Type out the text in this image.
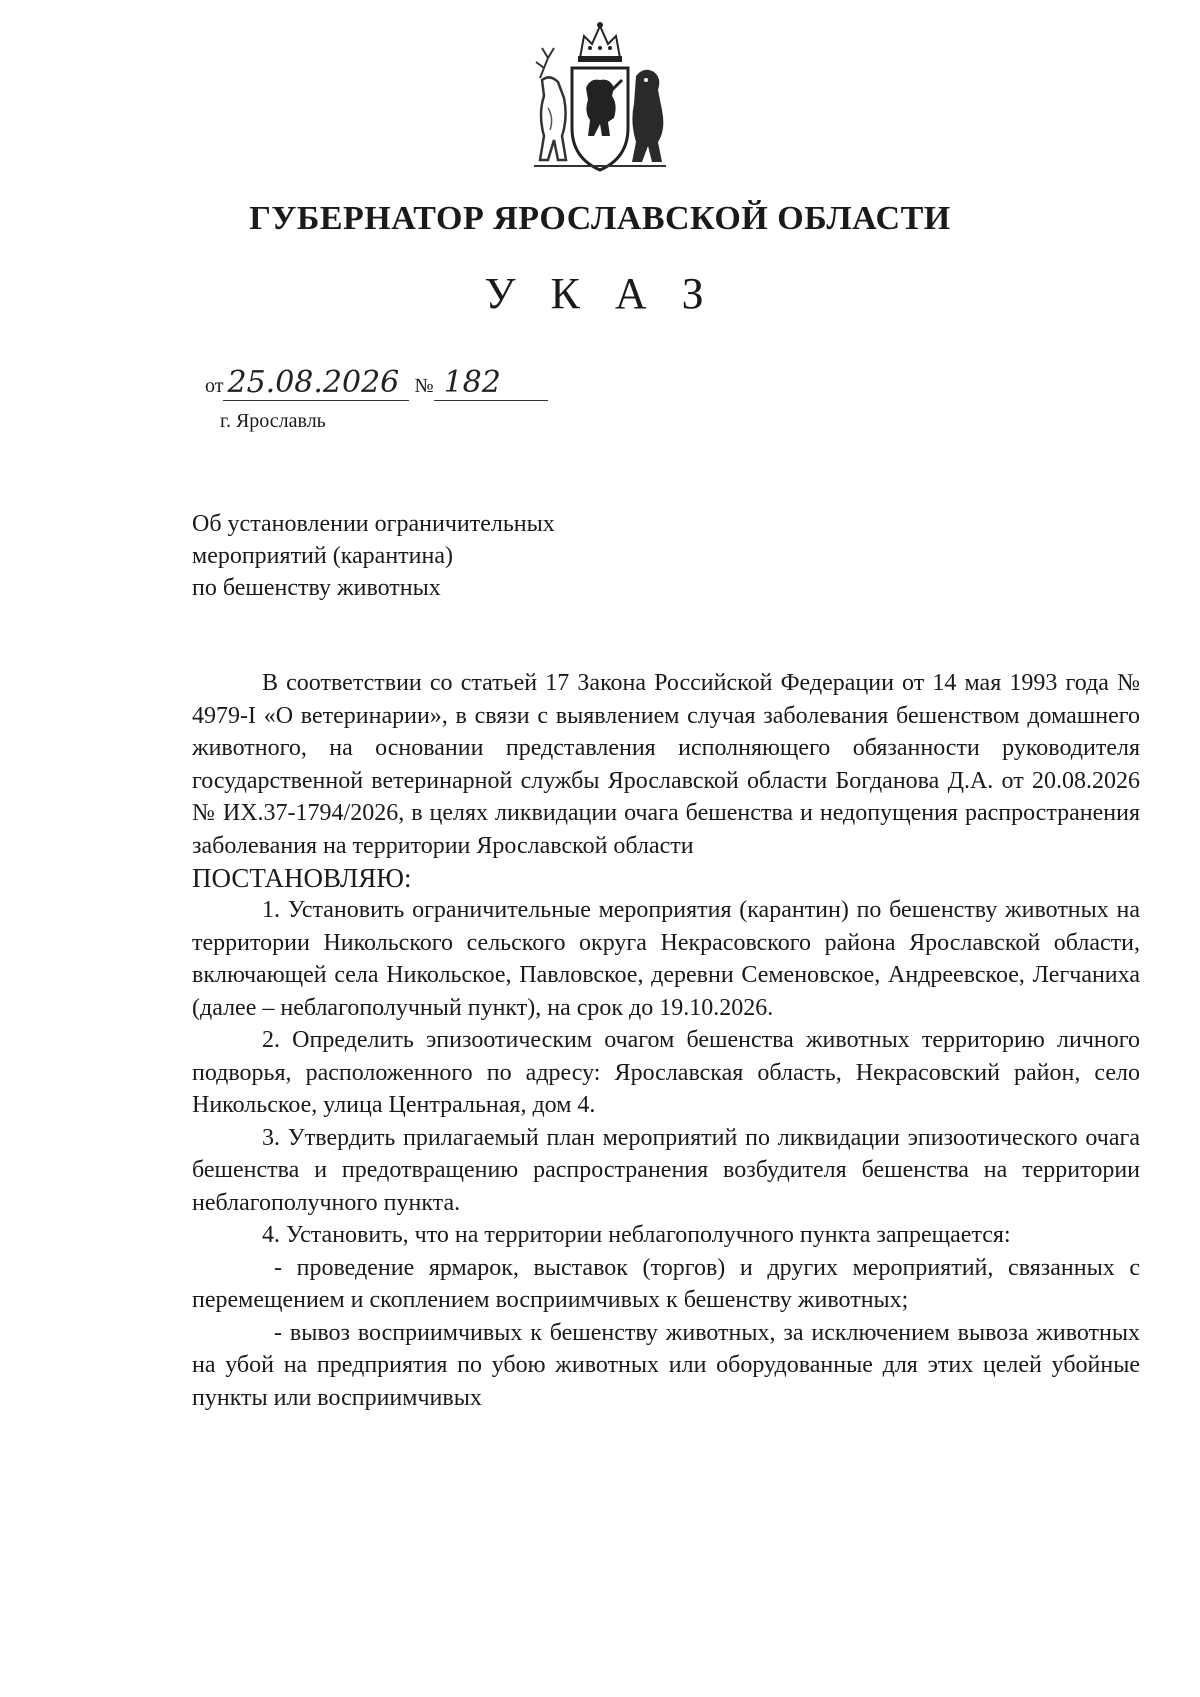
ГУБЕРНАТОР ЯРОСЛАВСКОЙ ОБЛАСТИ
У К А З
от 25.08.2026 № 182
г. Ярославль
Об установлении ограничительных
мероприятий (карантина)
по бешенству животных

В соответствии со статьей 17 Закона Российской Федерации от 14 мая 1993 года № 4979-I «О ветеринарии», в связи с выявлением случая заболевания бешенством домашнего животного, на основании представления исполняющего обязанности руководителя государственной ветеринарной службы Ярославской области Богданова Д.А. от 20.08.2026 № ИХ.37-1794/2026, в целях ликвидации очага бешенства и недопущения распространения заболевания на территории Ярославской области

ПОСТАНОВЛЯЮ:

1. Установить ограничительные мероприятия (карантин) по бешенству животных на территории Никольского сельского округа Некрасовского района Ярославской области, включающей села Никольское, Павловское, деревни Семеновское, Андреевское, Легчаниха (далее – неблагополучный пункт), на срок до 19.10.2026.

2. Определить эпизоотическим очагом бешенства животных территорию личного подворья, расположенного по адресу: Ярославская область, Некрасовский район, село Никольское, улица Центральная, дом 4.

3. Утвердить прилагаемый план мероприятий по ликвидации эпизоотического очага бешенства и предотвращению распространения возбудителя бешенства на территории неблагополучного пункта.

4. Установить, что на территории неблагополучного пункта запрещается:

- проведение ярмарок, выставок (торгов) и других мероприятий, связанных с перемещением и скоплением восприимчивых к бешенству животных;

- вывоз восприимчивых к бешенству животных, за исключением вывоза животных на убой на предприятия по убою животных или оборудованные для этих целей убойные пункты или восприимчивых
